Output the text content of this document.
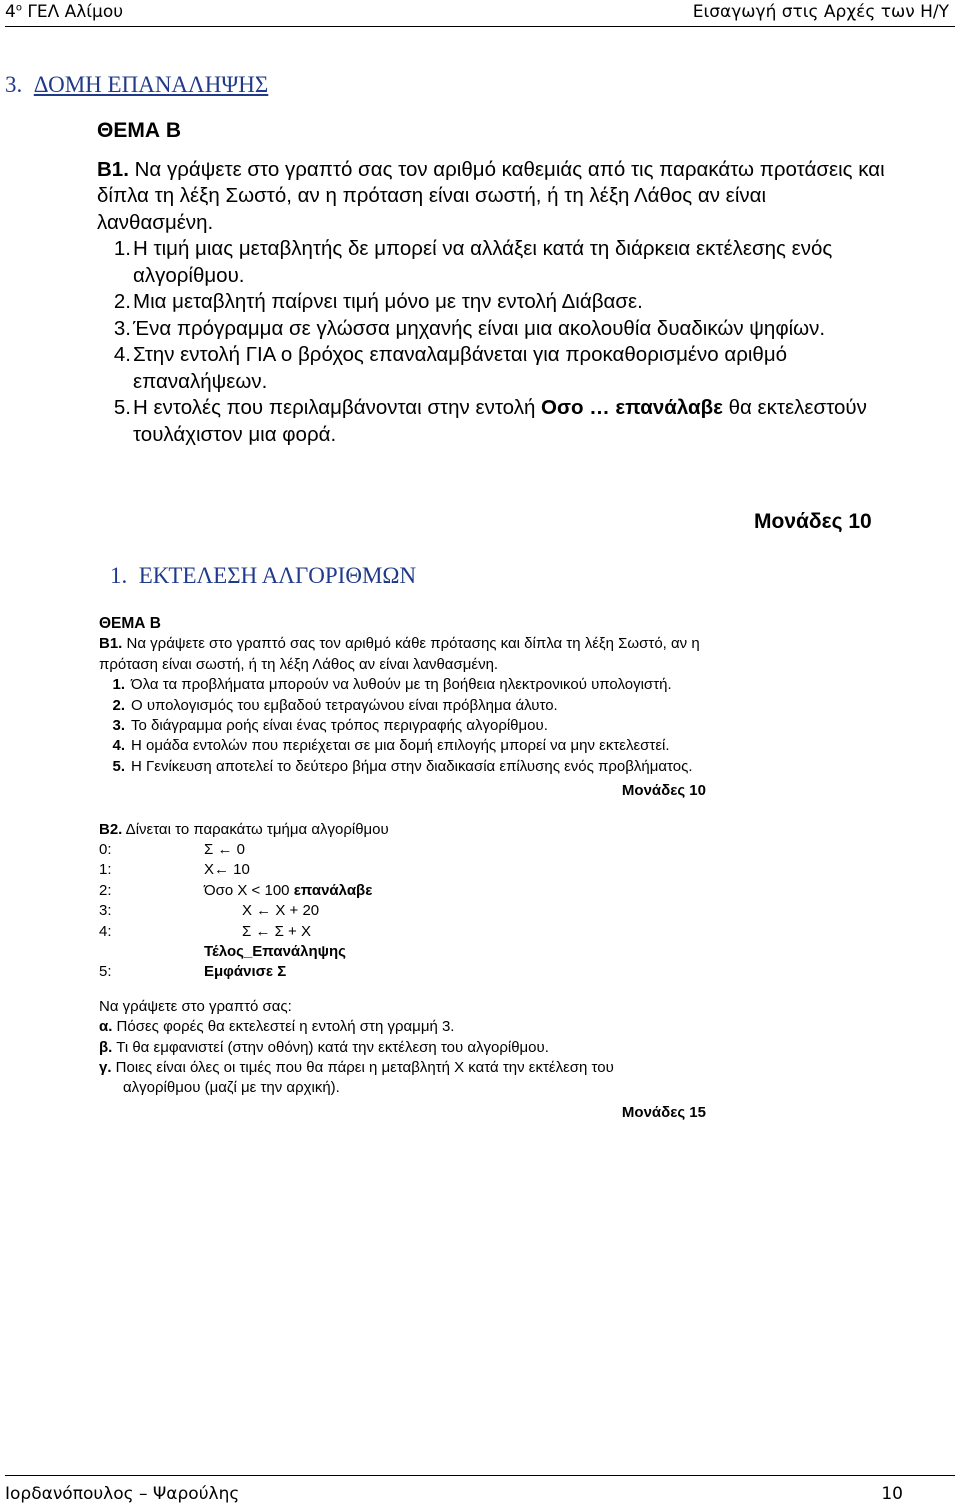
$4^o$ ΓΕΛ Αλίμου	Εισαγωγή στις Αρχές των Η/Υ
3. ΔΟΜΗ ΕΠΑΝΑΛΗΨΗΣ
ΘΕΜΑ Β
Β1. Να γράψετε στο γραπτό σας τον αριθμό καθεμιάς από τις παρακάτω προτάσεις και δίπλα τη λέξη Σωστό, αν η πρόταση είναι σωστή, ή τη λέξη Λάθος αν είναι λανθασμένη.
1. Η τιμή μιας μεταβλητής δε μπορεί να αλλάξει κατά τη διάρκεια εκτέλεσης ενός αλγορίθμου.
2. Μια μεταβλητή παίρνει τιμή μόνο με την εντολή Διάβασε.
3. Ένα πρόγραμμα σε γλώσσα μηχανής είναι μια ακολουθία δυαδικών ψηφίων.
4. Στην εντολή ΓΙΑ ο βρόχος επαναλαμβάνεται για προκαθορισμένο αριθμό επαναλήψεων.
5. Η εντολές που περιλαμβάνονται στην εντολή Οσο … επανάλαβε θα εκτελεστούν τουλάχιστον μια φορά.
Μονάδες 10
1. ΕΚΤΕΛΕΣΗ ΑΛΓΟΡΙΘΜΩΝ
ΘΕΜΑ Β
Β1. Να γράψετε στο γραπτό σας τον αριθμό κάθε πρότασης και δίπλα τη λέξη Σωστό, αν η πρόταση είναι σωστή, ή τη λέξη Λάθος αν είναι λανθασμένη.
1. Όλα τα προβλήματα μπορούν να λυθούν με τη βοήθεια ηλεκτρονικού υπολογιστή.
2. Ο υπολογισμός του εμβαδού τετραγώνου είναι πρόβλημα άλυτο.
3. Το διάγραμμα ροής είναι ένας τρόπος περιγραφής αλγορίθμου.
4. Η ομάδα εντολών που περιέχεται σε μια δομή επιλογής μπορεί να μην εκτελεστεί.
5. Η Γενίκευση αποτελεί το δεύτερο βήμα στην διαδικασία επίλυσης ενός προβλήματος.
Μονάδες 10
Β2. Δίνεται το παρακάτω τμήμα αλγορίθμου
0:	Σ ← 0
1:	Χ← 10
2:	Όσο Χ < 100 επανάλαβε
3:	Χ ← Χ + 20
4:	Σ ← Σ + Χ
Τέλος_Επανάληψης
5:	Εμφάνισε Σ
Να γράψετε στο γραπτό σας:
α. Πόσες φορές θα εκτελεστεί η εντολή στη γραμμή 3.
β. Τι θα εμφανιστεί (στην οθόνη) κατά την εκτέλεση του αλγορίθμου.
γ. Ποιες είναι όλες οι τιμές που θα πάρει η μεταβλητή Χ κατά την εκτέλεση του
αλγορίθμου (μαζί με την αρχική).
Μονάδες 15
Ιορδανόπουλος – Ψαρούλης	10
